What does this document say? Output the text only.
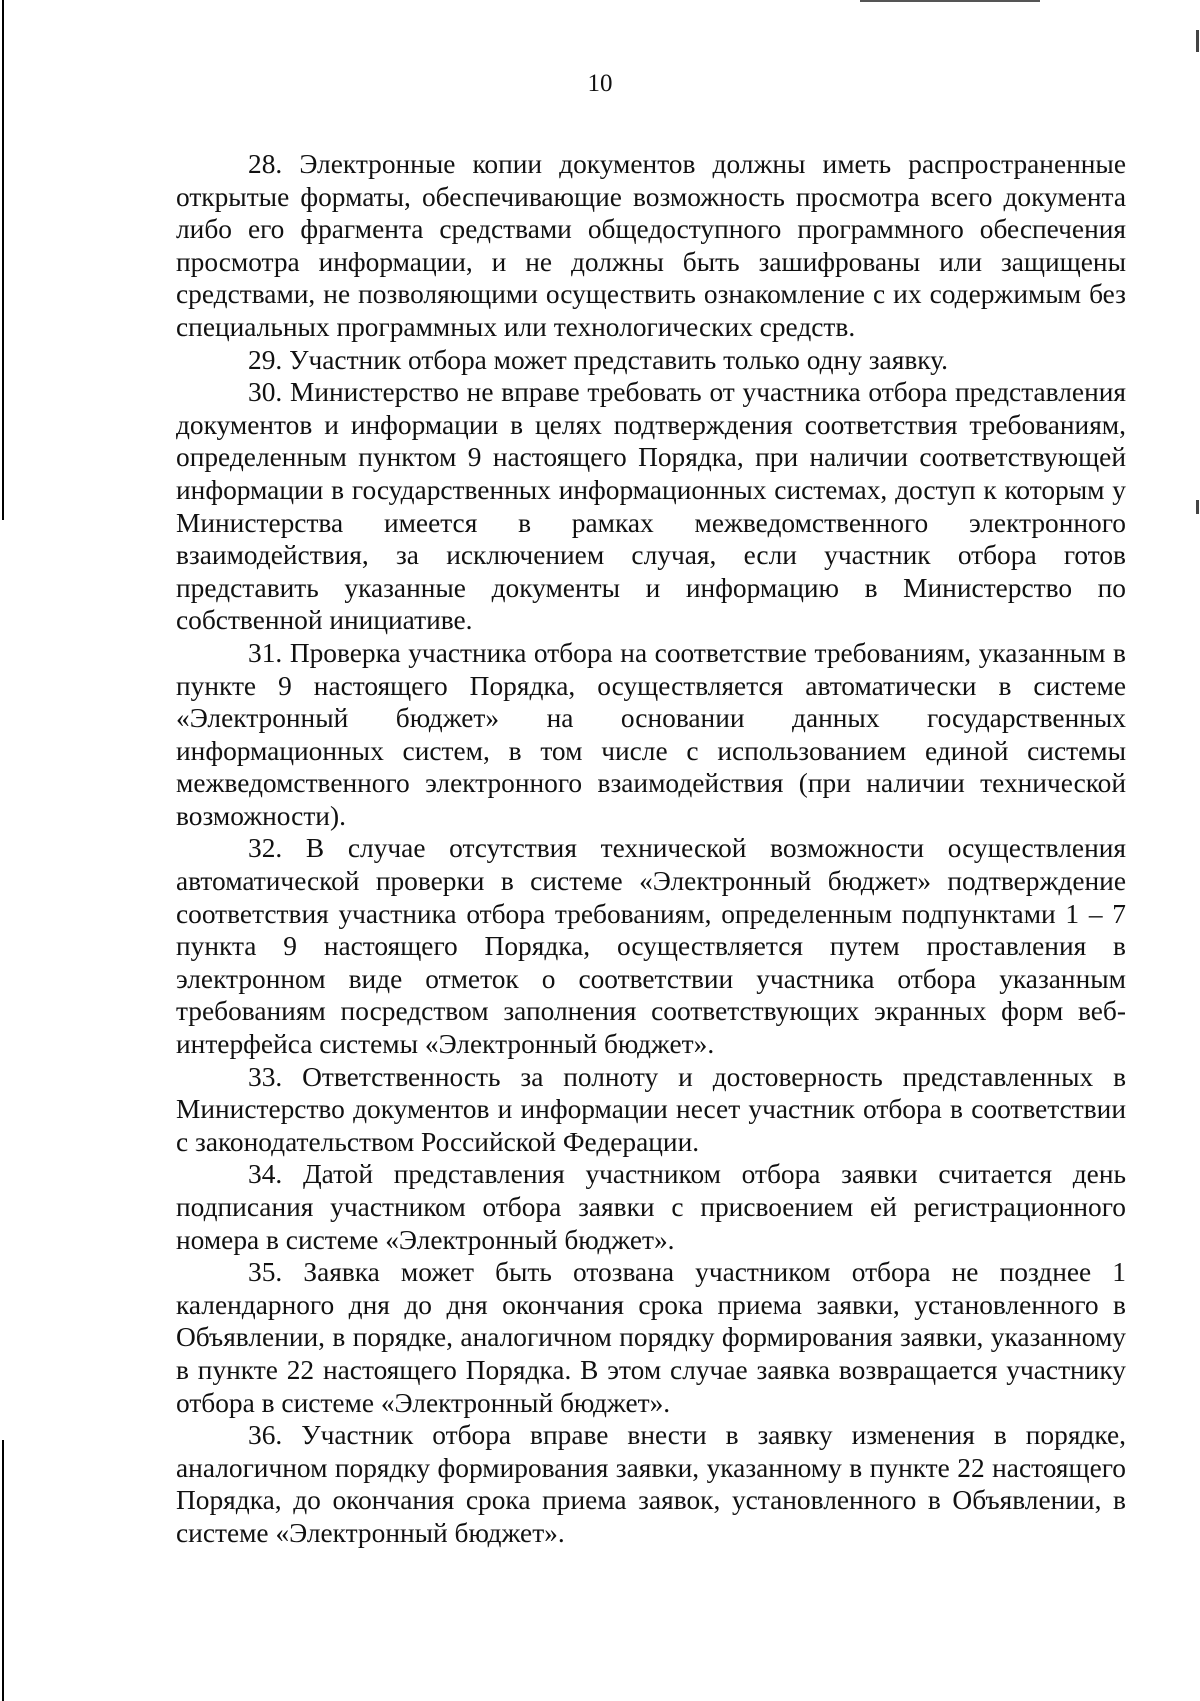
10

28. Электронные копии документов должны иметь распространенные открытые форматы, обеспечивающие возможность просмотра всего документа либо его фрагмента средствами общедоступного программного обеспечения просмотра информации, и не должны быть зашифрованы или защищены средствами, не позволяющими осуществить ознакомление с их содержимым без специальных программных или технологических средств.

29. Участник отбора может представить только одну заявку.

30. Министерство не вправе требовать от участника отбора представления документов и информации в целях подтверждения соответствия требованиям, определенным пунктом 9 настоящего Порядка, при наличии соответствующей информации в государственных информационных системах, доступ к которым у Министерства имеется в рамках межведомственного электронного взаимодействия, за исключением случая, если участник отбора готов представить указанные документы и информацию в Министерство по собственной инициативе.

31. Проверка участника отбора на соответствие требованиям, указанным в пункте 9 настоящего Порядка, осуществляется автоматически в системе «Электронный бюджет» на основании данных государственных информационных систем, в том числе с использованием единой системы межведомственного электронного взаимодействия (при наличии технической возможности).

32. В случае отсутствия технической возможности осуществления автоматической проверки в системе «Электронный бюджет» подтверждение соответствия участника отбора требованиям, определенным подпунктами 1 – 7 пункта 9 настоящего Порядка, осуществляется путем проставления в электронном виде отметок о соответствии участника отбора указанным требованиям посредством заполнения соответствующих экранных форм веб-интерфейса системы «Электронный бюджет».

33. Ответственность за полноту и достоверность представленных в Министерство документов и информации несет участник отбора в соответствии с законодательством Российской Федерации.

34. Датой представления участником отбора заявки считается день подписания участником отбора заявки с присвоением ей регистрационного номера в системе «Электронный бюджет».

35. Заявка может быть отозвана участником отбора не позднее 1 календарного дня до дня окончания срока приема заявки, установленного в Объявлении, в порядке, аналогичном порядку формирования заявки, указанному в пункте 22 настоящего Порядка. В этом случае заявка возвращается участнику отбора в системе «Электронный бюджет».

36. Участник отбора вправе внести в заявку изменения в порядке, аналогичном порядку формирования заявки, указанному в пункте 22 настоящего Порядка, до окончания срока приема заявок, установленного в Объявлении, в системе «Электронный бюджет».
